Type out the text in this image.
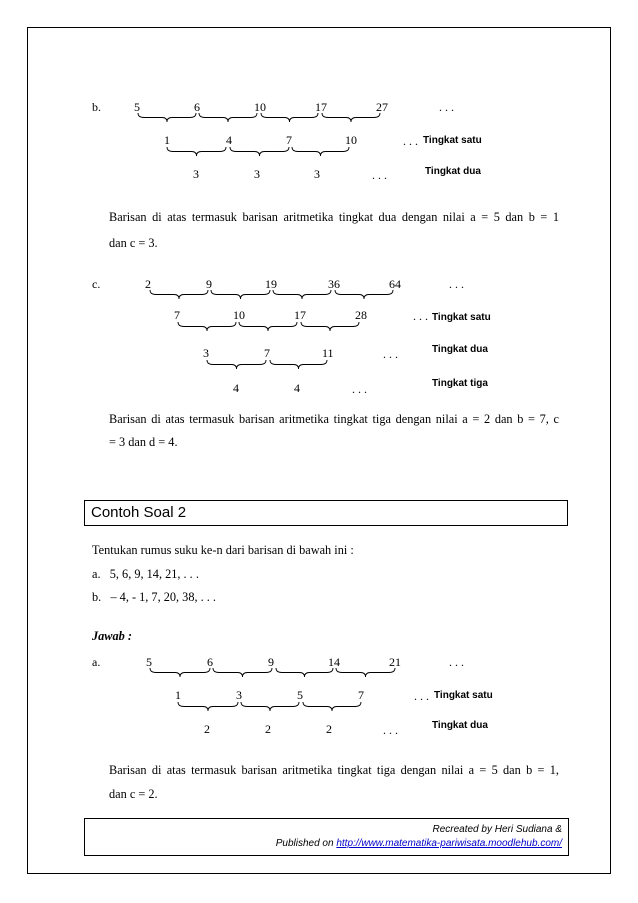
b.	5	6	10	17	27	. . .
1	4	7	10	. . . Tingkat satu
3	3	3	. . .	Tingkat dua
Barisan di atas termasuk barisan aritmetika tingkat dua dengan nilai a = 5 dan b = 1
dan c = 3.
c.	2	9	19	36	64	. . .
7	10	17	28	. . . Tingkat satu
3	7	11	. . .	Tingkat dua
4	4	. . .	Tingkat tiga
Barisan di atas termasuk barisan aritmetika tingkat tiga dengan nilai a = 2 dan b = 7, c
= 3 dan d = 4.
Contoh Soal 2
Tentukan rumus suku ke-n dari barisan di bawah ini :
a.   5, 6, 9, 14, 21, . . .
b.   – 4, - 1, 7, 20, 38, . . .
Jawab :
a.	5	6	9	14	21	. . .
1	3	5	7	. . . Tingkat satu
2	2	2	. . .	Tingkat dua
Barisan di atas termasuk barisan aritmetika tingkat tiga dengan nilai a = 5 dan b = 1,
dan c = 2.
Recreated by Heri Sudiana &
Published on http://www.matematika-pariwisata.moodlehub.com/
